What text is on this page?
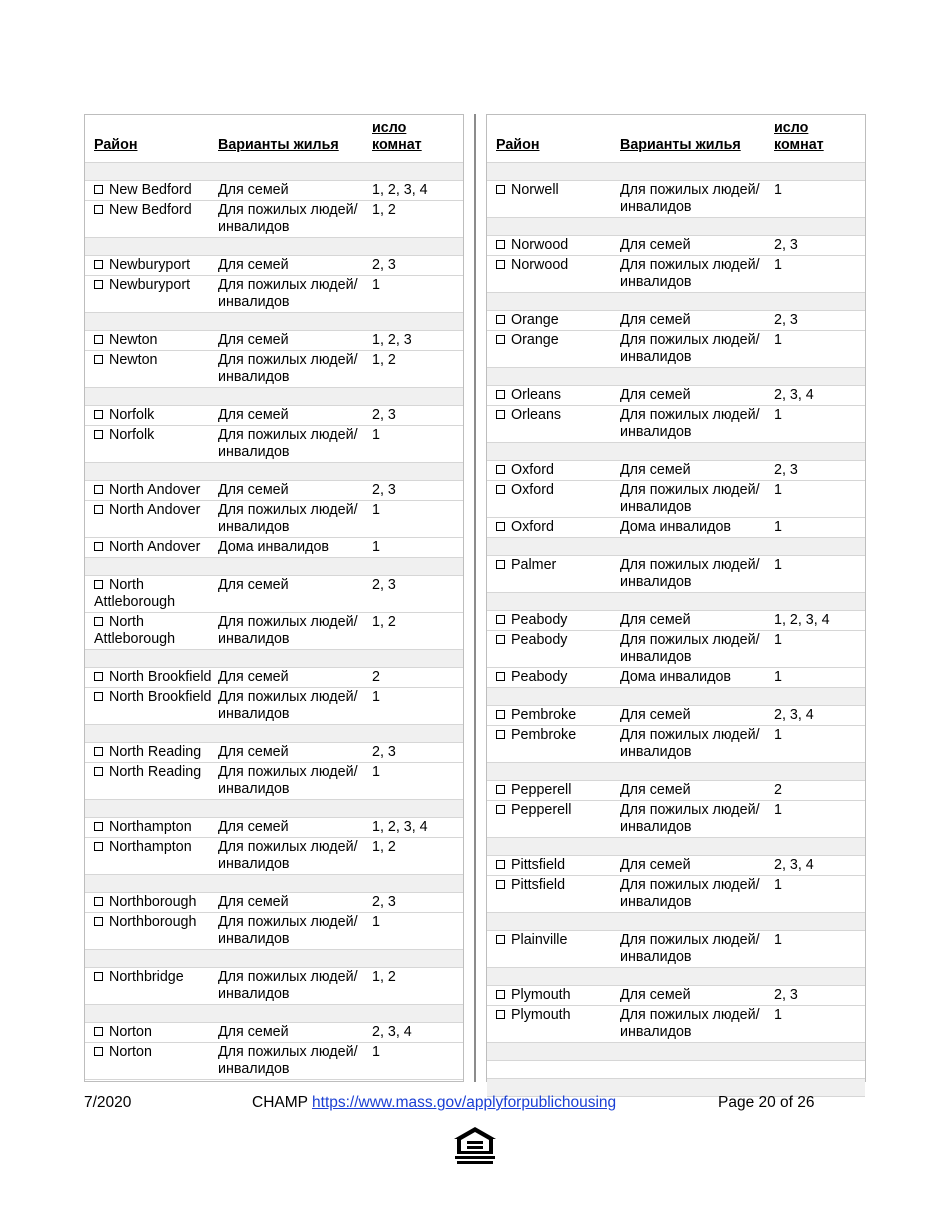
Район	Варианты жилья	исло
комнат

New Bedford	Для семей	1, 2, 3, 4
New Bedford	Для пожилых людей/инвалидов	1, 2

Newburyport	Для семей	2, 3
Newburyport	Для пожилых людей/инвалидов	1

Newton	Для семей	1, 2, 3
Newton	Для пожилых людей/инвалидов	1, 2

Norfolk	Для семей	2, 3
Norfolk	Для пожилых людей/инвалидов	1

North Andover	Для семей	2, 3
North Andover	Для пожилых людей/инвалидов	1
North Andover	Дома инвалидов	1

North Attleborough	Для семей	2, 3
North Attleborough	Для пожилых людей/инвалидов	1, 2

North Brookfield	Для семей	2
North Brookfield	Для пожилых людей/инвалидов	1

North Reading	Для семей	2, 3
North Reading	Для пожилых людей/инвалидов	1

Northampton	Для семей	1, 2, 3, 4
Northampton	Для пожилых людей/инвалидов	1, 2

Northborough	Для семей	2, 3
Northborough	Для пожилых людей/инвалидов	1

Northbridge	Для пожилых людей/инвалидов	1, 2

Norton	Для семей	2, 3, 4
Norton	Для пожилых людей/инвалидов	1
Район	Варианты жилья	исло
комнат

Norwell	Для пожилых людей/инвалидов	1

Norwood	Для семей	2, 3
Norwood	Для пожилых людей/инвалидов	1

Orange	Для семей	2, 3
Orange	Для пожилых людей/инвалидов	1

Orleans	Для семей	2, 3, 4
Orleans	Для пожилых людей/инвалидов	1

Oxford	Для семей	2, 3
Oxford	Для пожилых людей/инвалидов	1
Oxford	Дома инвалидов	1

Palmer	Для пожилых людей/инвалидов	1

Peabody	Для семей	1, 2, 3, 4
Peabody	Для пожилых людей/инвалидов	1
Peabody	Дома инвалидов	1

Pembroke	Для семей	2, 3, 4
Pembroke	Для пожилых людей/инвалидов	1

Pepperell	Для семей	2
Pepperell	Для пожилых людей/инвалидов	1

Pittsfield	Для семей	2, 3, 4
Pittsfield	Для пожилых людей/инвалидов	1

Plainville	Для пожилых людей/инвалидов	1

Plymouth	Для семей	2, 3
Plymouth	Для пожилых людей/инвалидов	1

7/2020	CHAMP https://www.mass.gov/applyforpublichousing	Page 20 of 26
